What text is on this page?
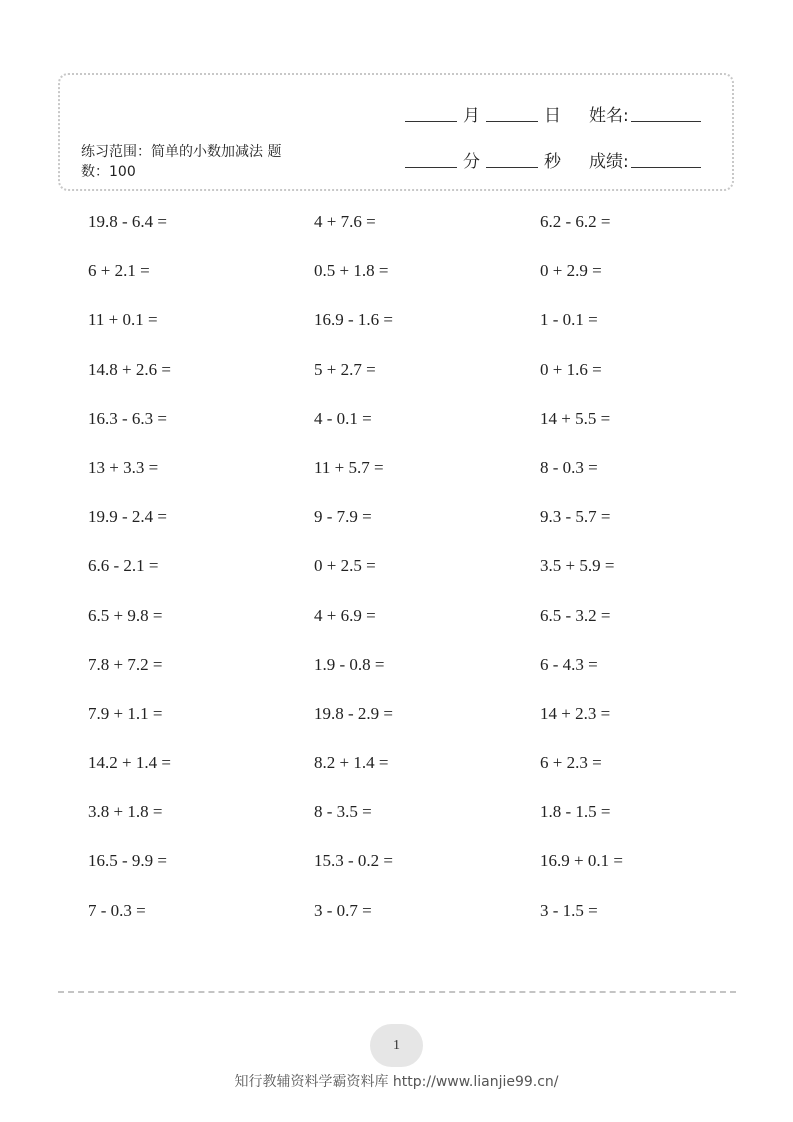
月	日 姓名:
分	秒 成绩:
练习范围：简单的小数加减法 题数：100
19.8 - 6.4 =	4 + 7.6 =	6.2 - 6.2 =
6 + 2.1 =	0.5 + 1.8 =	0 + 2.9 =
11 + 0.1 =	16.9 - 1.6 =	1 - 0.1 =
14.8 + 2.6 =	5 + 2.7 =	0 + 1.6 =
16.3 - 6.3 =	4 - 0.1 =	14 + 5.5 =
13 + 3.3 =	11 + 5.7 =	8 - 0.3 =
19.9 - 2.4 =	9 - 7.9 =	9.3 - 5.7 =
6.6 - 2.1 =	0 + 2.5 =	3.5 + 5.9 =
6.5 + 9.8 =	4 + 6.9 =	6.5 - 3.2 =
7.8 + 7.2 =	1.9 - 0.8 =	6 - 4.3 =
7.9 + 1.1 =	19.8 - 2.9 =	14 + 2.3 =
14.2 + 1.4 =	8.2 + 1.4 =	6 + 2.3 =
3.8 + 1.8 =	8 - 3.5 =	1.8 - 1.5 =
16.5 - 9.9 =	15.3 - 0.2 =	16.9 + 0.1 =
7 - 0.3 =	3 - 0.7 =	3 - 1.5 =
1
知行教辅资料学霸资料库 http://www.lianjie99.cn/
